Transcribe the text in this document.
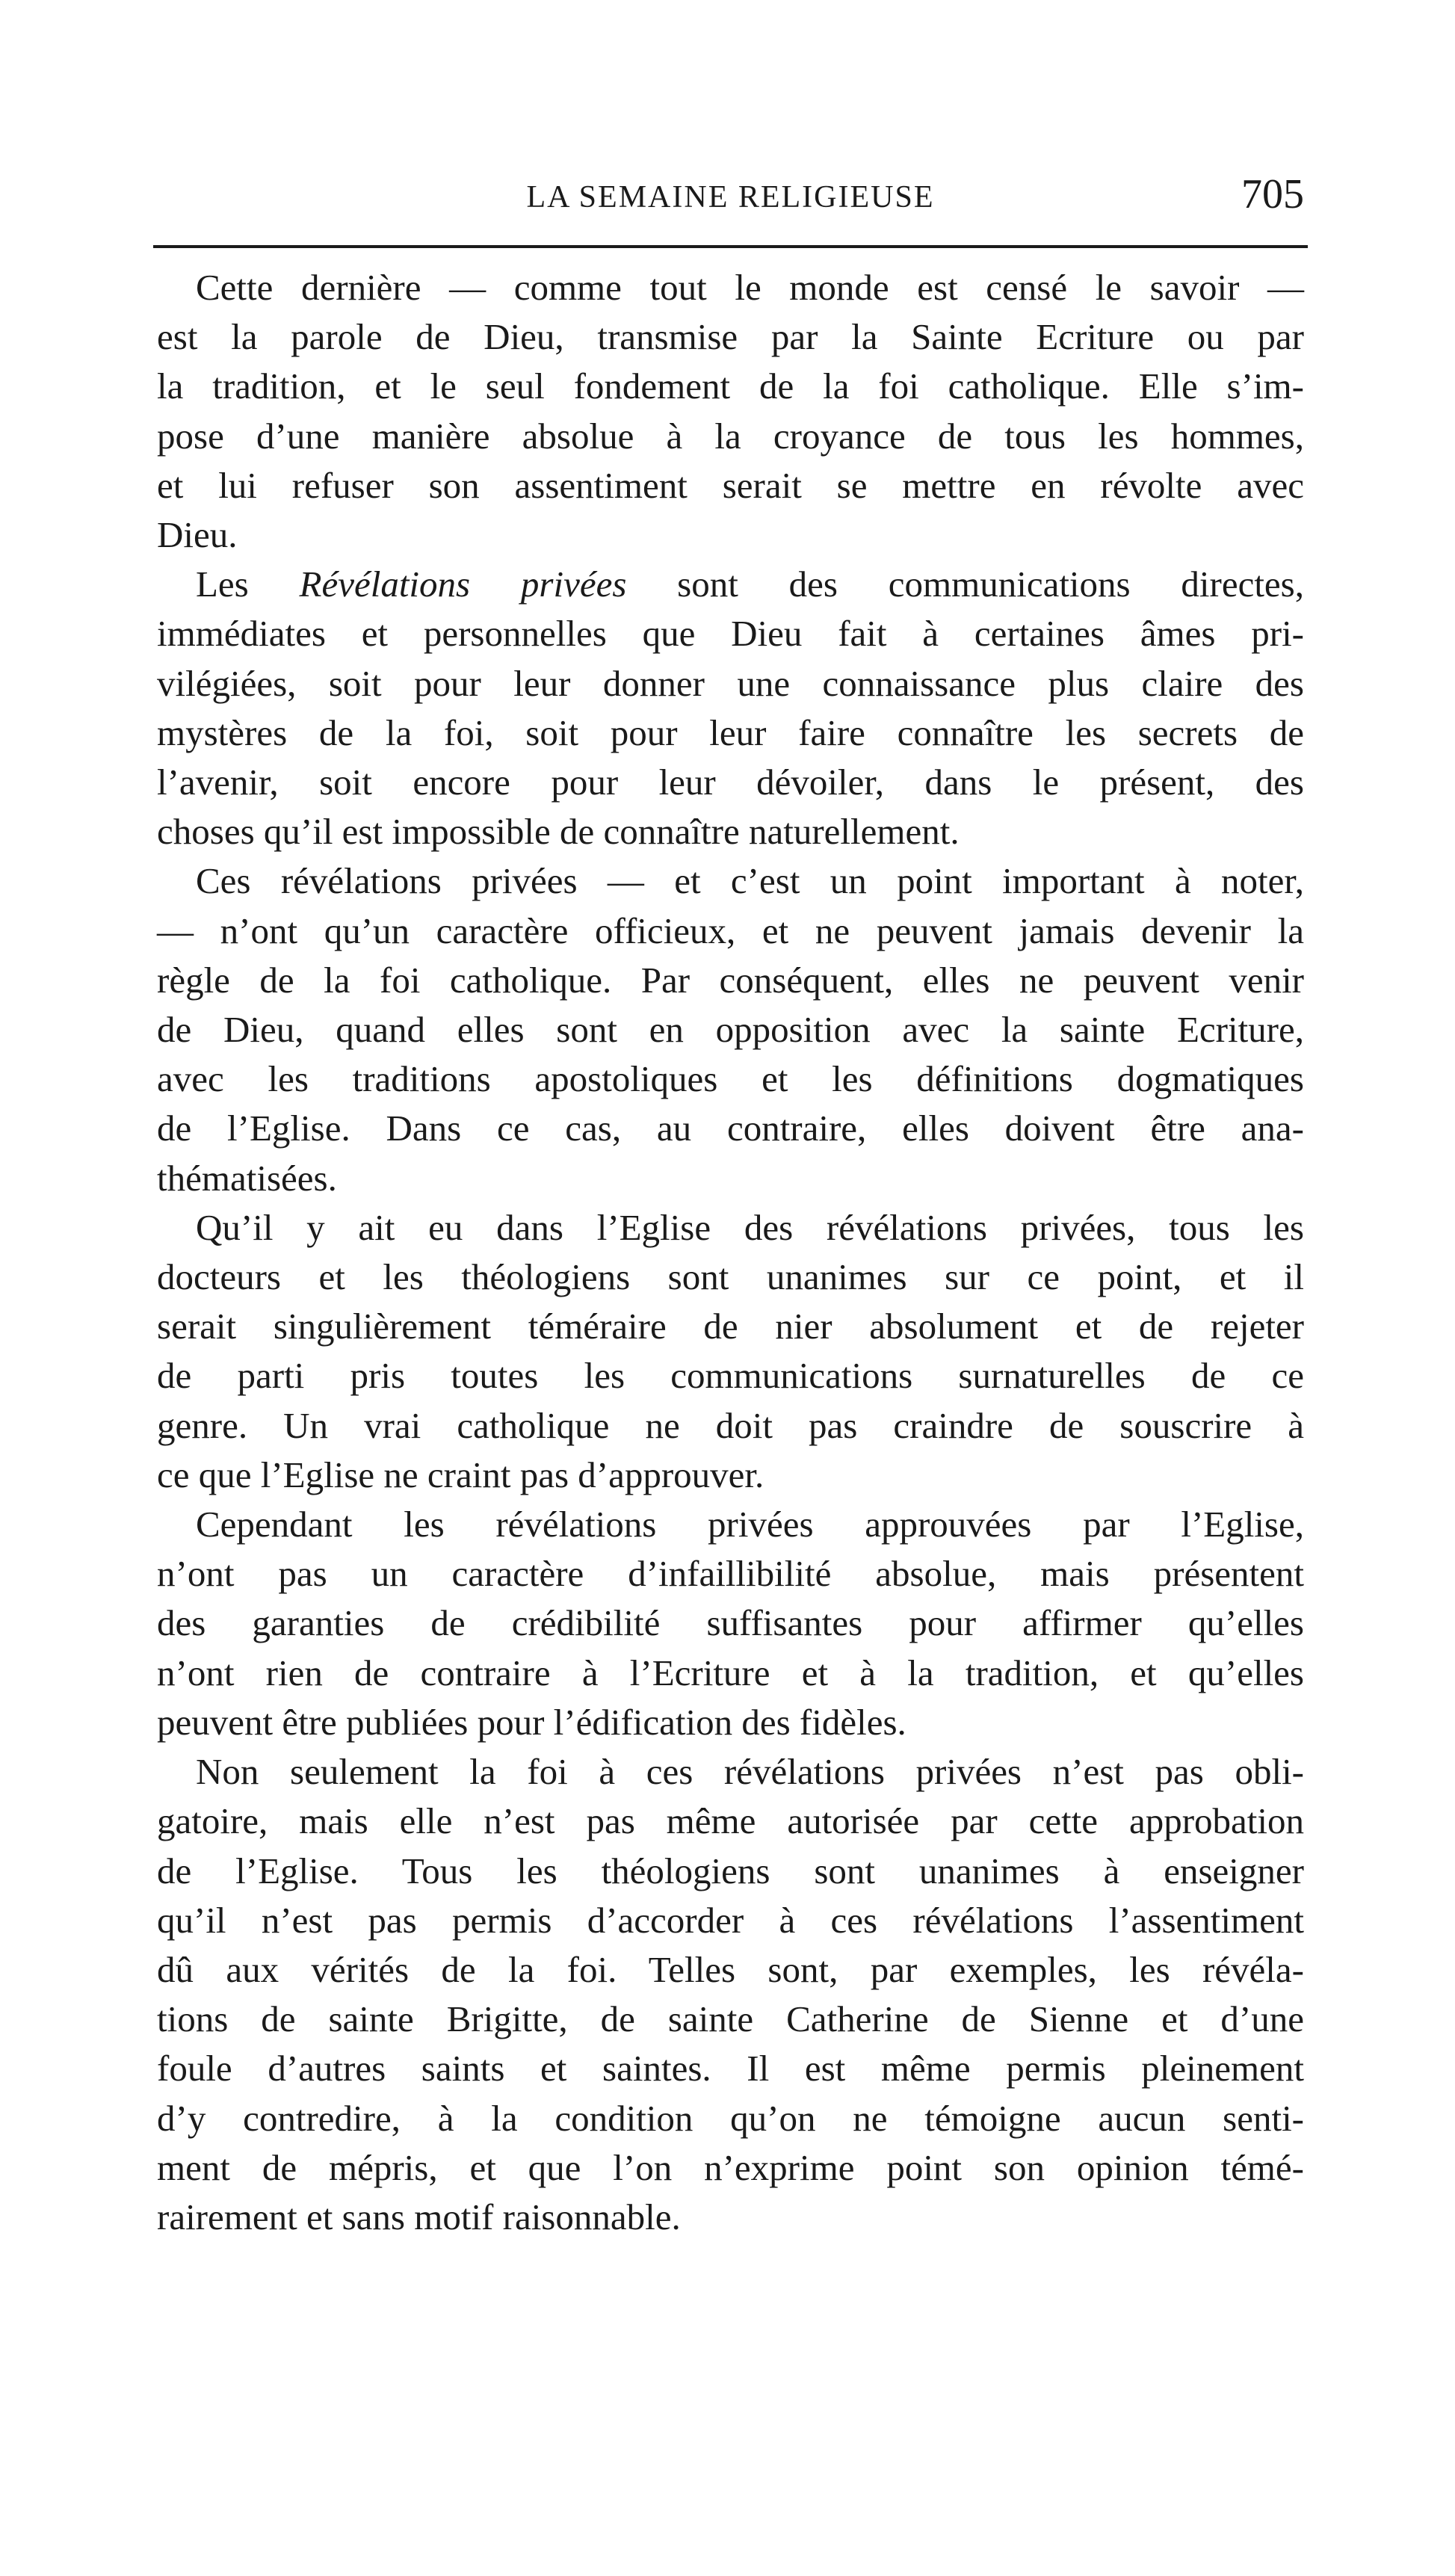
LA SEMAINE RELIGIEUSE	705

Cette dernière — comme tout le monde est censé le savoir —
est la parole de Dieu, transmise par la Sainte Ecriture ou par
la tradition, et le seul fondement de la foi catholique. Elle s’im-
pose d’une manière absolue à la croyance de tous les hommes,
et lui refuser son assentiment serait se mettre en révolte avec
Dieu.

Les Révélations privées sont des communications directes,
immédiates et personnelles que Dieu fait à certaines âmes pri-
vilégiées, soit pour leur donner une connaissance plus claire des
mystères de la foi, soit pour leur faire connaître les secrets de
l’avenir, soit encore pour leur dévoiler, dans le présent, des
choses qu’il est impossible de connaître naturellement.

Ces révélations privées — et c’est un point important à noter,
— n’ont qu’un caractère officieux, et ne peuvent jamais devenir la
règle de la foi catholique. Par conséquent, elles ne peuvent venir
de Dieu, quand elles sont en opposition avec la sainte Ecriture,
avec les traditions apostoliques et les définitions dogmatiques
de l’Eglise. Dans ce cas, au contraire, elles doivent être ana-
thématisées.

Qu’il y ait eu dans l’Eglise des révélations privées, tous les
docteurs et les théologiens sont unanimes sur ce point, et il
serait singulièrement téméraire de nier absolument et de rejeter
de parti pris toutes les communications surnaturelles de ce
genre. Un vrai catholique ne doit pas craindre de souscrire à
ce que l’Eglise ne craint pas d’approuver.

Cependant les révélations privées approuvées par l’Eglise,
n’ont pas un caractère d’infaillibilité absolue, mais présentent
des garanties de crédibilité suffisantes pour affirmer qu’elles
n’ont rien de contraire à l’Ecriture et à la tradition, et qu’elles
peuvent être publiées pour l’édification des fidèles.

Non seulement la foi à ces révélations privées n’est pas obli-
gatoire, mais elle n’est pas même autorisée par cette approbation
de l’Eglise. Tous les théologiens sont unanimes à enseigner
qu’il n’est pas permis d’accorder à ces révélations l’assentiment
dû aux vérités de la foi. Telles sont, par exemples, les révéla-
tions de sainte Brigitte, de sainte Catherine de Sienne et d’une
foule d’autres saints et saintes. Il est même permis pleinement
d’y contredire, à la condition qu’on ne témoigne aucun senti-
ment de mépris, et que l’on n’exprime point son opinion témé-
rairement et sans motif raisonnable.
